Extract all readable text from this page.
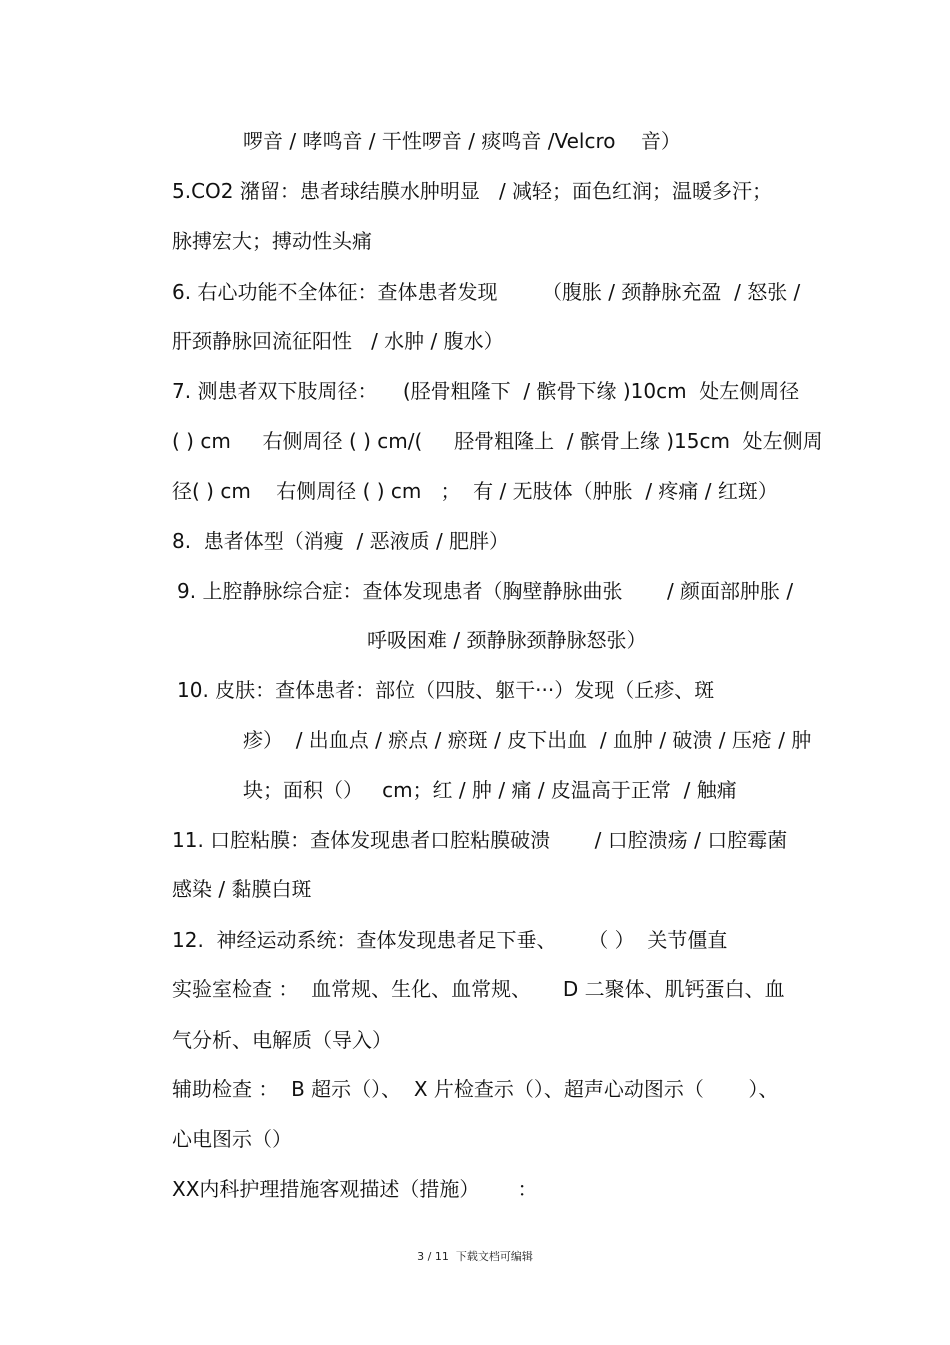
啰音 / 哮鸣音 / 干性啰音 / 痰鸣音 /Velcro    音）
5.CO2 潴留：患者球结膜水肿明显   / 减轻；面色红润；温暖多汗；
脉搏宏大；搏动性头痛
6. 右心功能不全体征：查体患者发现       （腹胀 / 颈静脉充盈  / 怒张 /
肝颈静脉回流征阳性   / 水肿 / 腹水）
7. 测患者双下肢周径：    (胫骨粗隆下  / 髌骨下缘 )10cm  处左侧周径
( ) cm     右侧周径 ( ) cm/(     胫骨粗隆上  / 髌骨上缘 )15cm  处左侧周
径( ) cm    右侧周径 ( ) cm   ；  有 / 无肢体（肿胀  / 疼痛 / 红斑）
8.  患者体型（消瘦  / 恶液质 / 肥胖）
9. 上腔静脉综合症：查体发现患者（胸壁静脉曲张       / 颜面部肿胀 /
呼吸困难 / 颈静脉颈静脉怒张）
10. 皮肤：查体患者：部位（四肢、躯干···）发现（丘疹、斑
疹）  / 出血点 / 瘀点 / 瘀斑 / 皮下出血  / 血肿 / 破溃 / 压疮 / 肿
块；面积（）   cm；红 / 肿 / 痛 / 皮温高于正常  / 触痛
11. 口腔粘膜：查体发现患者口腔粘膜破溃       / 口腔溃疡 / 口腔霉菌
感染 / 黏膜白斑
12.  神经运动系统：查体发现患者足下垂、     （ ）  关节僵直
实验室检查 ：  血常规、生化、血常规、     D 二聚体、肌钙蛋白、血
气分析、电解质（导入）
辅助检查 ：  B 超示（）、  X 片检查示（）、超声心动图示（       ）、
心电图示（）
XX内科护理措施客观描述（措施）      ：
3 / 11  下载文档可编辑
